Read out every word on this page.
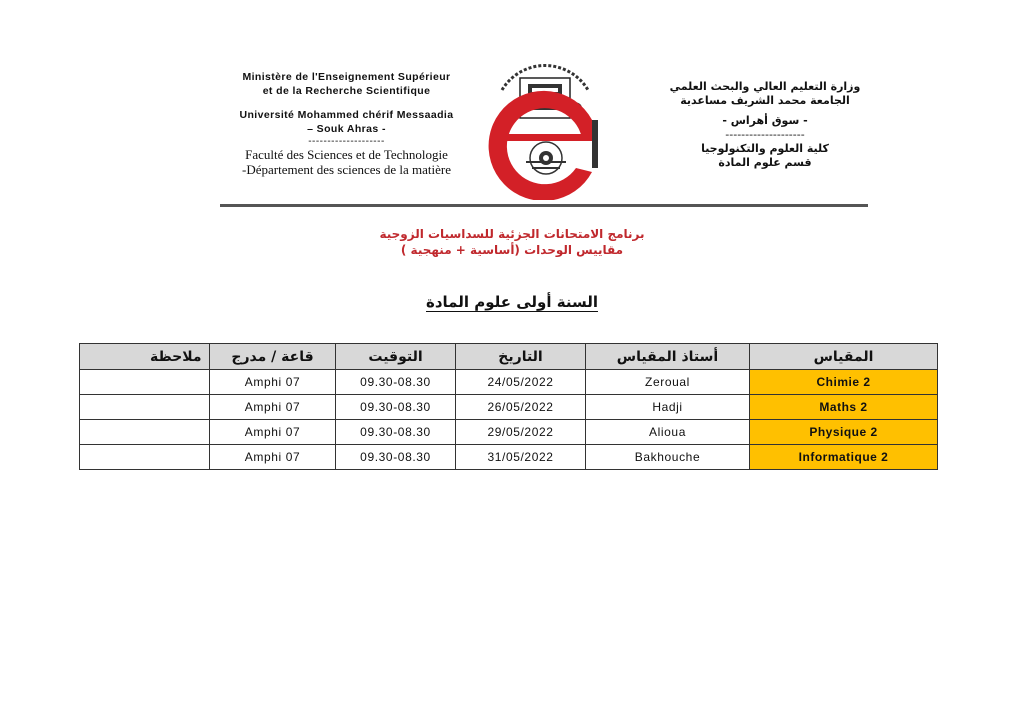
Ministère de l'Enseignement Supérieur
et de la Recherche Scientifique
Université Mohammed chérif Messaadia
– Souk Ahras -
--------------------
Faculté des Sciences et de Technologie
-Département des sciences de la matière
وزارة التعليم العالي والبحث العلمي
الجامعة محمد الشريف مساعدية
- سوق أهراس -
--------------------
كلية العلوم والتكنولوجيا
قسم علوم المادة
برنامج الامتحانات الجزئية للسداسيات الزوجية
مقاييس الوحدات (أساسية + منهجية )
السنة أولى علوم المادة
المقياس	أستاذ المقياس	التاريخ	التوقيت	قاعة / مدرج	ملاحظة
Chimie 2	Zeroual	24/05/2022	09.30-08.30	Amphi 07	
Maths 2	Hadji	26/05/2022	09.30-08.30	Amphi 07	
Physique 2	Alioua	29/05/2022	09.30-08.30	Amphi 07	
Informatique 2	Bakhouche	31/05/2022	09.30-08.30	Amphi 07	
